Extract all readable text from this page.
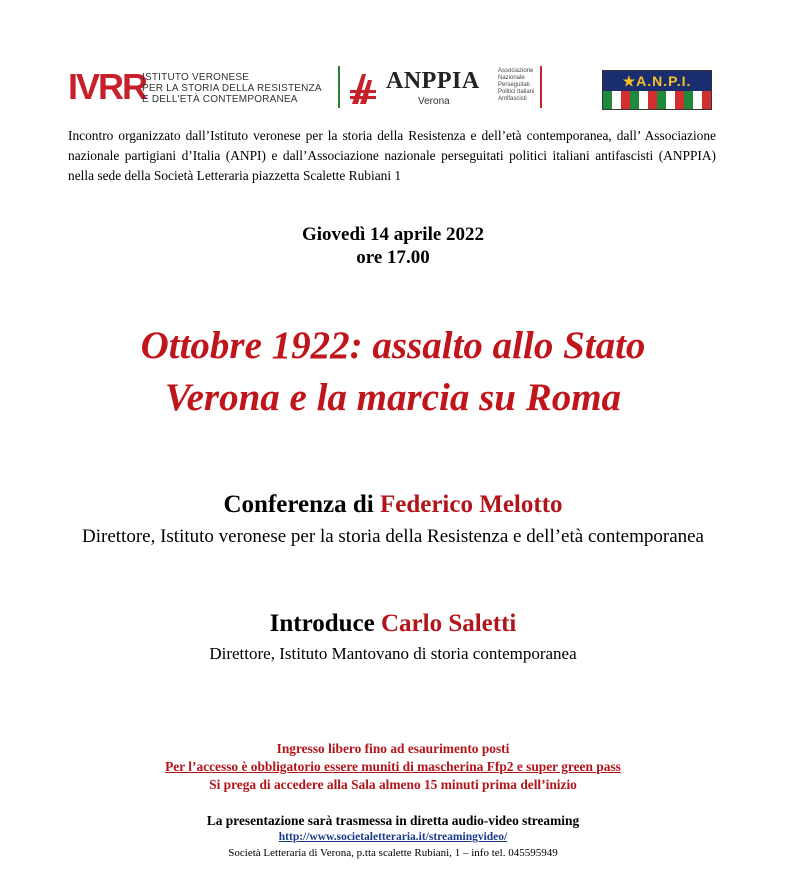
IVRR
ISTITUTO VERONESE
PER LA STORIA DELLA RESISTENZA
E DELL'ETÀ CONTEMPORANEA
ANPPIA
Verona
Associazione
Nazionale
Perseguitati
Politici Italiani
Antifascisti
★A.N.P.I.
Incontro organizzato dall’Istituto veronese per la storia della Resistenza e dell’età contemporanea, dall’ Associazione nazionale partigiani d’Italia (ANPI) e dall’Associazione nazionale perseguitati politici italiani antifascisti (ANPPIA) nella sede della Società Letteraria piazzetta Scalette Rubiani 1
Giovedì 14 aprile 2022
ore 17.00
Ottobre 1922: assalto allo Stato
Verona e la marcia su Roma
Conferenza di Federico Melotto
Direttore, Istituto veronese per la storia della Resistenza e dell’età contemporanea
Introduce Carlo Saletti
Direttore, Istituto Mantovano di storia contemporanea
Ingresso libero fino ad esaurimento posti
Per l’accesso è obbligatorio essere muniti di mascherina Ffp2 e super green pass
Si prega di accedere alla Sala almeno 15 minuti prima dell’inizio
La presentazione sarà trasmessa in diretta audio-video streaming
http://www.societaletteraria.it/streamingvideo/
Società Letteraria di Verona, p.tta scalette Rubiani, 1 – info tel. 045595949
